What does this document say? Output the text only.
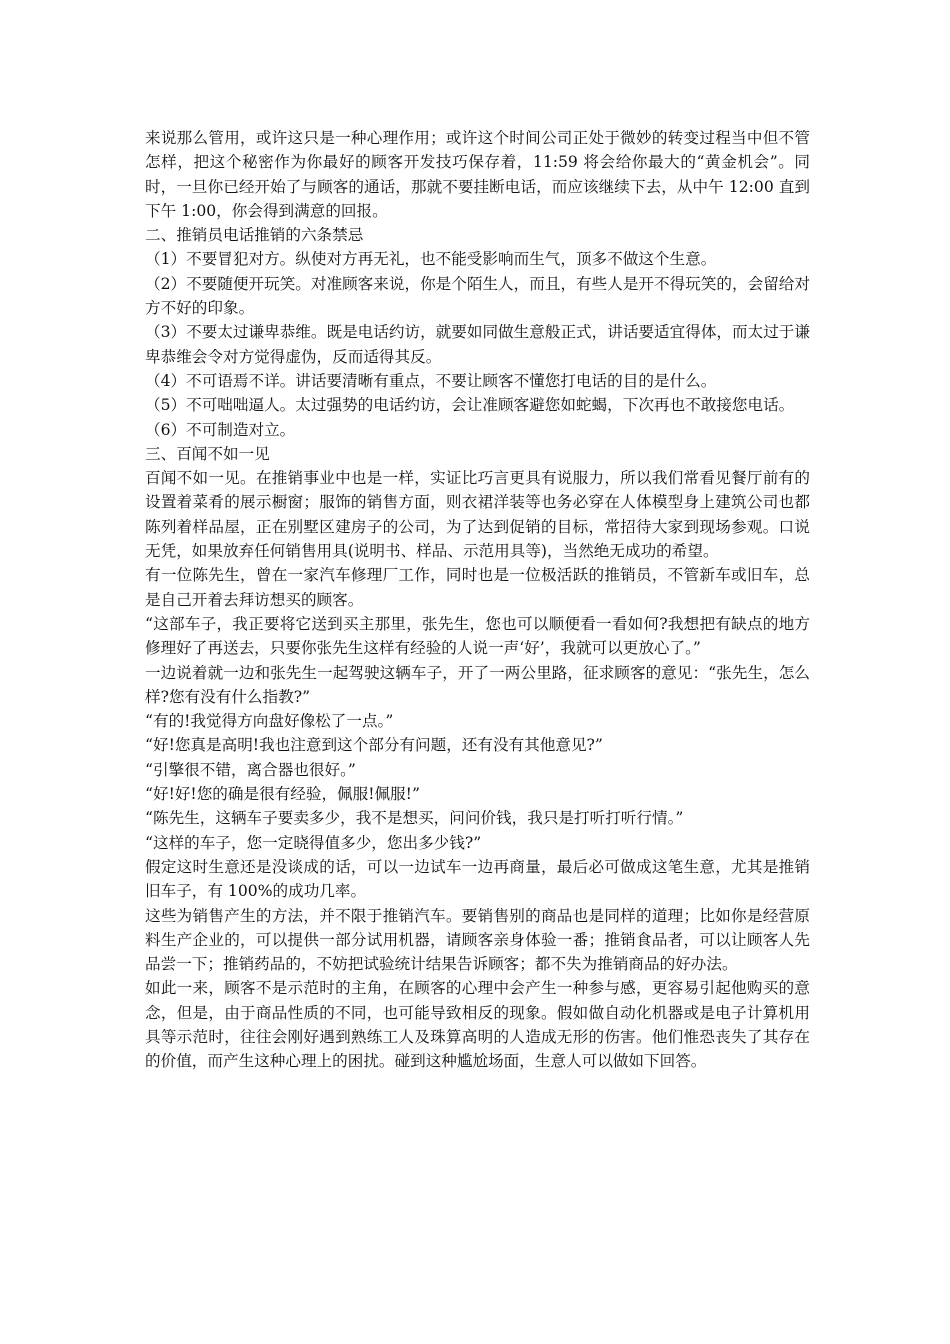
来说那么管用，或许这只是一种心理作用；或许这个时间公司正处于微妙的转变过程当中但不管怎样，把这个秘密作为你最好的顾客开发技巧保存着，11:59 将会给你最大的“黄金机会”。同时，一旦你已经开始了与顾客的通话，那就不要挂断电话，而应该继续下去，从中午 12:00 直到下午 1:00，你会得到满意的回报。

二、推销员电话推销的六条禁忌

（1）不要冒犯对方。纵使对方再无礼，也不能受影响而生气，顶多不做这个生意。

（2）不要随便开玩笑。对准顾客来说，你是个陌生人，而且，有些人是开不得玩笑的，会留给对方不好的印象。

（3）不要太过谦卑恭维。既是电话约访，就要如同做生意般正式，讲话要适宜得体，而太过于谦卑恭维会令对方觉得虚伪，反而适得其反。

（4）不可语焉不详。讲话要清晰有重点，不要让顾客不懂您打电话的目的是什么。

（5）不可咄咄逼人。太过强势的电话约访，会让准顾客避您如蛇蝎，下次再也不敢接您电话。

（6）不可制造对立。

三、百闻不如一见

百闻不如一见。在推销事业中也是一样，实证比巧言更具有说服力，所以我们常看见餐厅前有的设置着菜肴的展示橱窗；服饰的销售方面，则衣裙洋装等也务必穿在人体模型身上建筑公司也都陈列着样品屋，正在别墅区建房子的公司，为了达到促销的目标，常招待大家到现场参观。口说无凭，如果放弃任何销售用具(说明书、样品、示范用具等)，当然绝无成功的希望。

有一位陈先生，曾在一家汽车修理厂工作，同时也是一位极活跃的推销员，不管新车或旧车，总是自己开着去拜访想买的顾客。

“这部车子，我正要将它送到买主那里，张先生，您也可以顺便看一看如何?我想把有缺点的地方修理好了再送去，只要你张先生这样有经验的人说一声‘好’，我就可以更放心了。”

一边说着就一边和张先生一起驾驶这辆车子，开了一两公里路，征求顾客的意见：“张先生，怎么样?您有没有什么指教?”

“有的!我觉得方向盘好像松了一点。”

“好!您真是高明!我也注意到这个部分有问题，还有没有其他意见?”

“引擎很不错，离合器也很好。”

“好!好!您的确是很有经验，佩服!佩服!”

“陈先生，这辆车子要卖多少，我不是想买，问问价钱，我只是打听打听行情。”

“这样的车子，您一定晓得值多少，您出多少钱?”

假定这时生意还是没谈成的话，可以一边试车一边再商量，最后必可做成这笔生意，尤其是推销旧车子，有 100%的成功几率。

这些为销售产生的方法，并不限于推销汽车。要销售别的商品也是同样的道理；比如你是经营原料生产企业的，可以提供一部分试用机器，请顾客亲身体验一番；推销食品者，可以让顾客人先品尝一下；推销药品的，不妨把试验统计结果告诉顾客；都不失为推销商品的好办法。

如此一来，顾客不是示范时的主角，在顾客的心理中会产生一种参与感，更容易引起他购买的意念，但是，由于商品性质的不同，也可能导致相反的现象。假如做自动化机器或是电子计算机用具等示范时，往往会刚好遇到熟练工人及珠算高明的人造成无形的伤害。他们惟恐丧失了其存在的价值，而产生这种心理上的困扰。碰到这种尴尬场面，生意人可以做如下回答。
